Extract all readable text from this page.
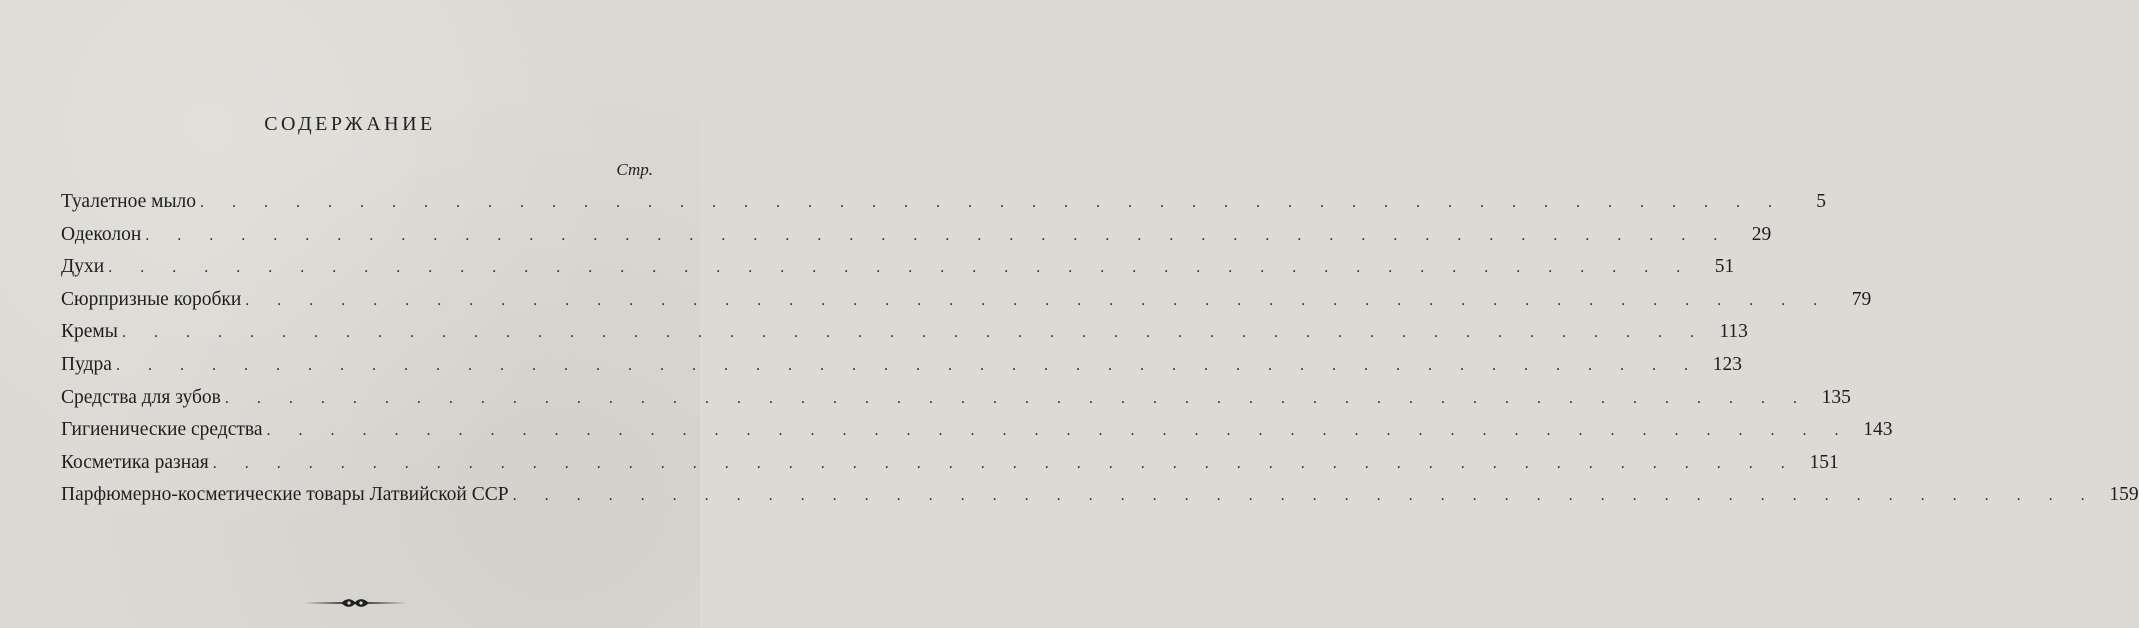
СОДЕРЖАНИЕ
Стр.
Туалетное мыло . . . . . . . . . . . . . . . . . . . . . . . . . . . . . . . . . . . . . . . . . . . . . . . . . .	5
Одеколон . . . . . . . . . . . . . . . . . . . . . . . . . . . . . . . . . . . . . . . . . . . . . . . . . .	29
Духи . . . . . . . . . . . . . . . . . . . . . . . . . . . . . . . . . . . . . . . . . . . . . . . . . .	51
Сюрпризные коробки . . . . . . . . . . . . . . . . . . . . . . . . . . . . . . . . . . . . . . . . . . . . . . . . . .	79
Кремы . . . . . . . . . . . . . . . . . . . . . . . . . . . . . . . . . . . . . . . . . . . . . . . . . . 113
Пудра . . . . . . . . . . . . . . . . . . . . . . . . . . . . . . . . . . . . . . . . . . . . . . . . . . 123
Средства для зубов . . . . . . . . . . . . . . . . . . . . . . . . . . . . . . . . . . . . . . . . . . . . . . . . . . 135
Гигиенические средства . . . . . . . . . . . . . . . . . . . . . . . . . . . . . . . . . . . . . . . . . . . . . . . . . . 143
Косметика разная . . . . . . . . . . . . . . . . . . . . . . . . . . . . . . . . . . . . . . . . . . . . . . . . . . 151
Парфюмерно-косметические товары Латвийской ССР . . . . . . . . . . . . . . . . . . . . . . . . . . . . . . . . . . . . . . . . . . . . . . . . . . 159
